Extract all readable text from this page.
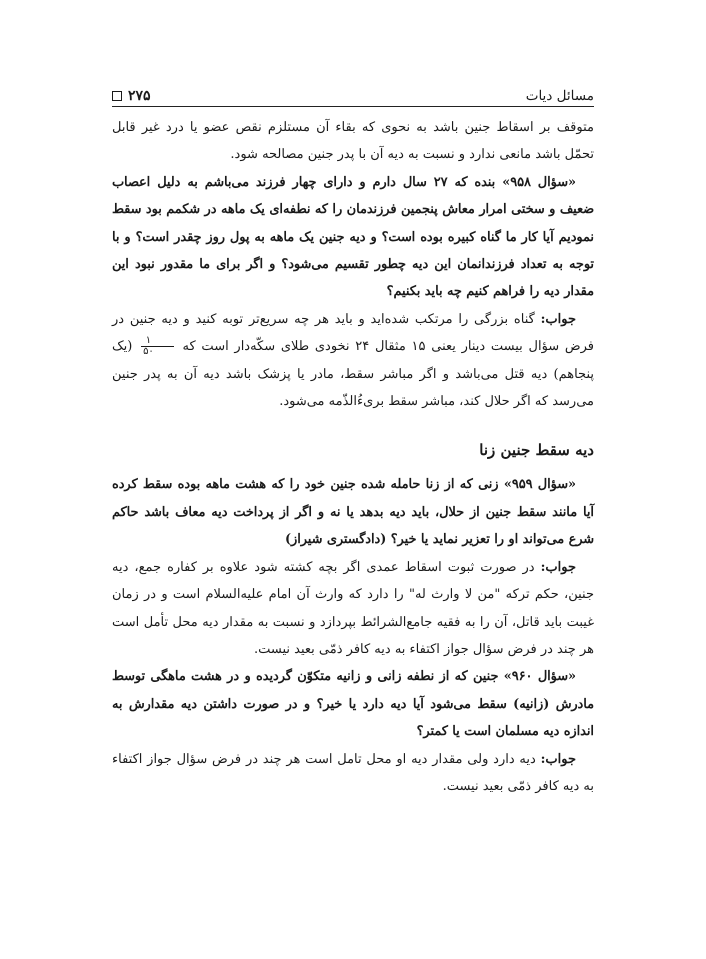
مسائل دیات
۲۷۵

متوقف بر اسقاط جنین باشد به نحوی که بقاء آن مستلزم نقص عضو یا درد غیر قابل تحمّل باشد مانعی ندارد و نسبت به دیه آن با پدر جنین مصالحه شود.

«سؤال ۹۵۸» بنده که ۲۷ سال دارم و دارای چهار فرزند می‌باشم به دلیل اعصاب ضعیف و سختی امرار معاش پنجمین فرزندمان را که نطفه‌ای یک ماهه در شکمم بود سقط نمودیم آیا کار ما گناه کبیره بوده است؟ و دیه جنین یک ماهه به پول روز چقدر است؟ و با توجه به تعداد فرزندانمان این دیه چطور تقسیم می‌شود؟ و اگر برای ما مقدور نبود این مقدار دیه را فراهم کنیم چه باید بکنیم؟

جواب: گناه بزرگی را مرتکب شده‌اید و باید هر چه سریع‌تر توبه کنید و دیه جنین در فرض سؤال بیست دینار یعنی ۱۵ مثقال ۲۴ نخودی طلای سکّه‌دار است که
$\frac{۱}{۵۰}$
(یک پنجاهم) دیه قتل می‌باشد و اگر مباشر سقط، مادر یا پزشک باشد دیه آن به پدر جنین می‌رسد که اگر حلال کند، مباشر سقط بریءُالذّمه می‌شود.

دیه سقط جنین زنا

«سؤال ۹۵۹» زنی که از زنا حامله شده جنین خود را که هشت ماهه بوده سقط کرده آیا مانند سقط جنین از حلال، باید دیه بدهد یا نه و اگر از پرداخت دیه معاف باشد حاکم شرع می‌تواند او را تعزیر نماید یا خیر؟ (دادگستری شیراز)

جواب: در صورت ثبوت اسقاط عمدی اگر بچه کشته شود علاوه بر کفاره جمع، دیه جنین، حکم ترکه "من لا وارث له" را دارد که وارث آن امام علیه‌السلام است و در زمان غیبت باید قاتل، آن را به فقیه جامع‌الشرائط بپردازد و نسبت به مقدار دیه محل تأمل است هر چند در فرض سؤال جواز اکتفاء به دیه کافر ذمّی بعید نیست.

«سؤال ۹۶۰» جنین که از نطفه زانی و زانیه متکوّن گردیده و در هشت ماهگی توسط مادرش (زانیه) سقط می‌شود آیا دیه دارد یا خیر؟ و در صورت داشتن دیه مقدارش به اندازه دیه مسلمان است یا کمتر؟

جواب: دیه دارد ولی مقدار دیه او محل تامل است هر چند در فرض سؤال جواز اکتفاء به دیه کافر ذمّی بعید نیست.
